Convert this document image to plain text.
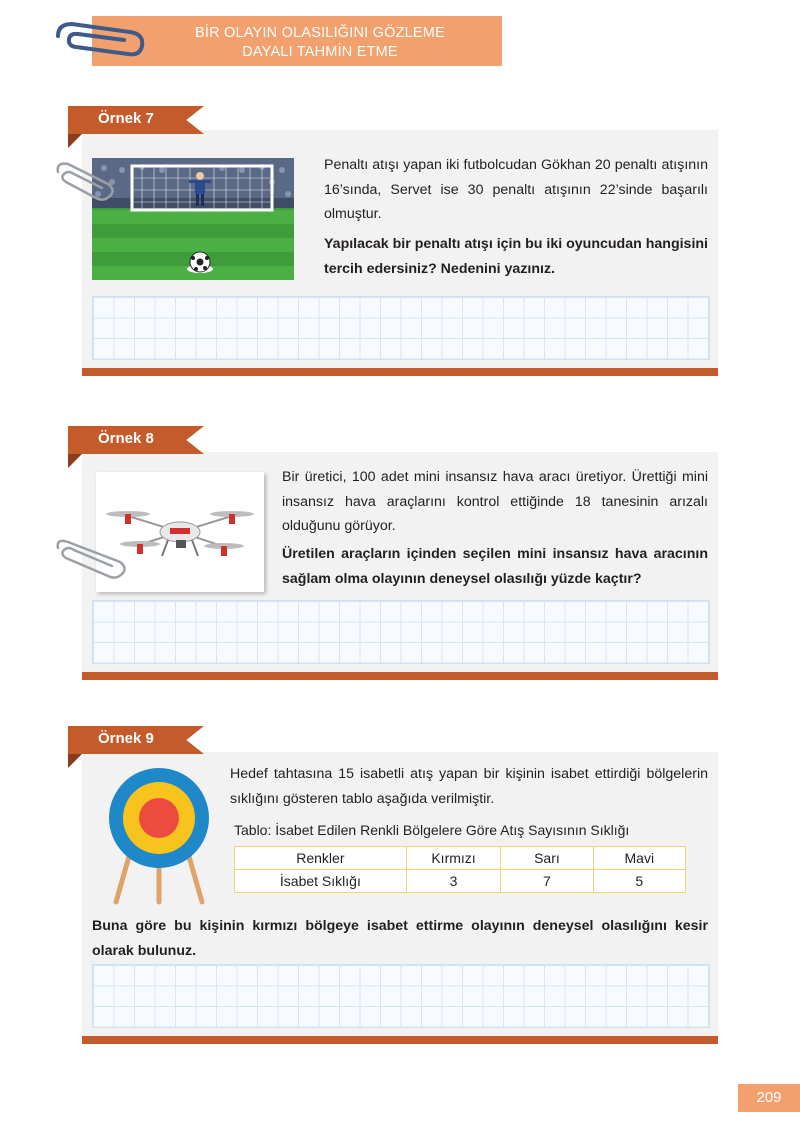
BİR OLAYIN OLASILIĞINI GÖZLEME
DAYALI TAHMİN ETME
Örnek 7
Penaltı atışı yapan iki futbolcudan Gökhan 20 penaltı atışının 16’sında, Servet ise 30 penaltı atışının 22’sinde başarılı olmuştur.
Yapılacak bir penaltı atışı için bu iki oyuncudan hangisini tercih edersiniz? Nedenini yazınız.
Örnek 8
Bir üretici, 100 adet mini insansız hava aracı üretiyor. Ürettiği mini insansız hava araçlarını kontrol ettiğinde 18 tanesinin arızalı olduğunu görüyor.
Üretilen araçların içinden seçilen mini insansız hava aracının sağlam olma olayının deneysel olasılığı yüzde kaçtır?
Örnek 9
Hedef tahtasına 15 isabetli atış yapan bir kişinin isabet ettirdiği bölgelerin sıklığını gösteren tablo aşağıda verilmiştir.
Tablo: İsabet Edilen Renkli Bölgelere Göre Atış Sayısının Sıklığı
Renkler	Kırmızı	Sarı	Mavi
İsabet Sıklığı	3	7	5
Buna göre bu kişinin kırmızı bölgeye isabet ettirme olayının deneysel olasılığını kesir olarak bulunuz.
209
